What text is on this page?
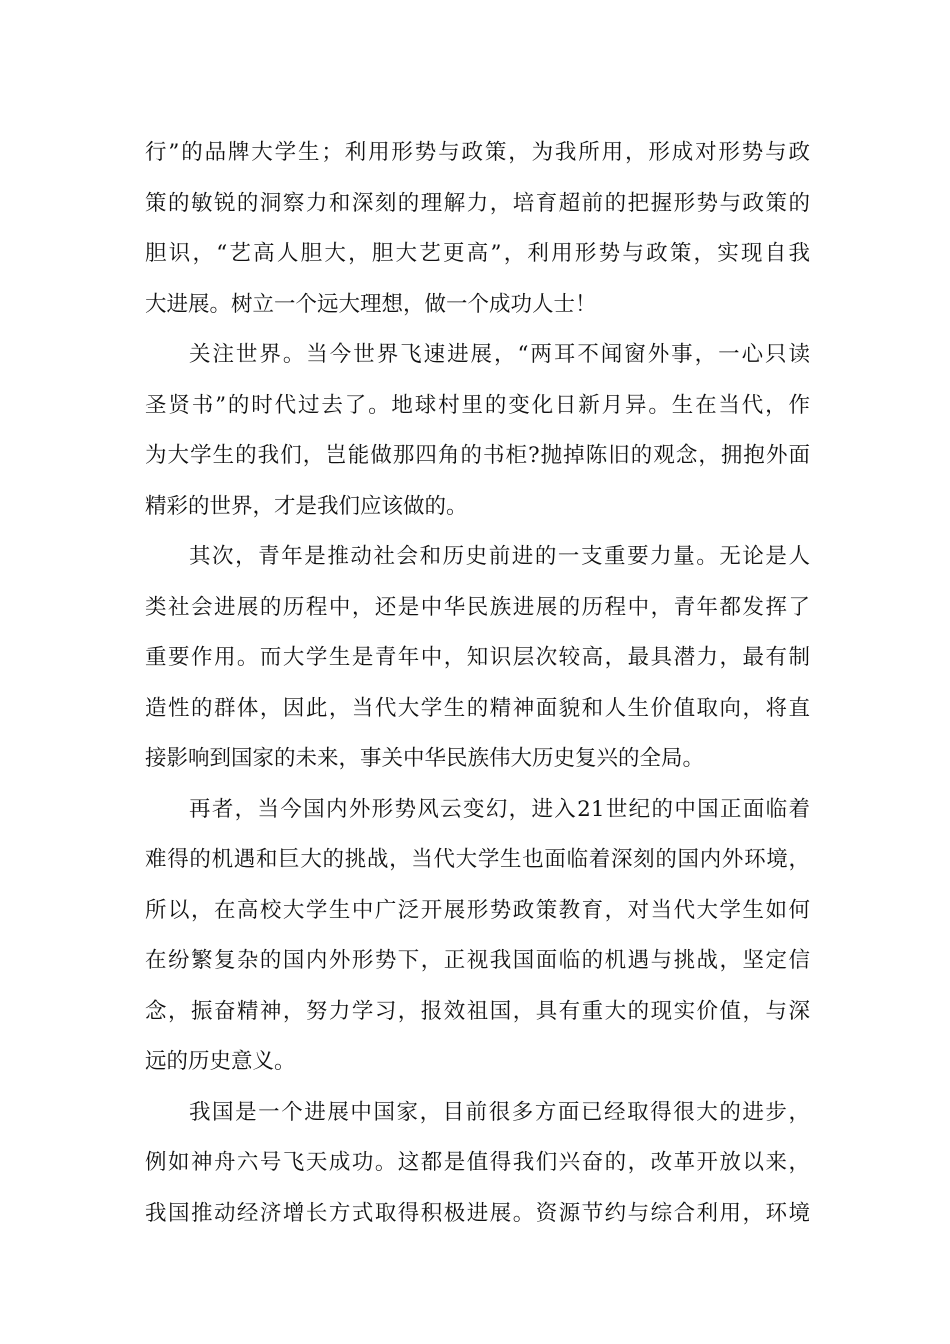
行”的品牌大学生；利用形势与政策，为我所用，形成对形势与政
策的敏锐的洞察力和深刻的理解力，培育超前的把握形势与政策的
胆识，“艺高人胆大，胆大艺更高”，利用形势与政策，实现自我
大进展。树立一个远大理想，做一个成功人士！
关注世界。当今世界飞速进展，“两耳不闻窗外事，一心只读
圣贤书”的时代过去了。地球村里的变化日新月异。生在当代，作
为大学生的我们，岂能做那四角的书柜?抛掉陈旧的观念，拥抱外面
精彩的世界，才是我们应该做的。
其次，青年是推动社会和历史前进的一支重要力量。无论是人
类社会进展的历程中，还是中华民族进展的历程中，青年都发挥了
重要作用。而大学生是青年中，知识层次较高，最具潜力，最有制
造性的群体，因此，当代大学生的精神面貌和人生价值取向，将直
接影响到国家的未来，事关中华民族伟大历史复兴的全局。
再者，当今国内外形势风云变幻，进入21世纪的中国正面临着
难得的机遇和巨大的挑战，当代大学生也面临着深刻的国内外环境，
所以，在高校大学生中广泛开展形势政策教育，对当代大学生如何
在纷繁复杂的国内外形势下，正视我国面临的机遇与挑战，坚定信
念，振奋精神，努力学习，报效祖国，具有重大的现实价值，与深
远的历史意义。
我国是一个进展中国家，目前很多方面已经取得很大的进步，
例如神舟六号飞天成功。这都是值得我们兴奋的，改革开放以来，
我国推动经济增长方式取得积极进展。资源节约与综合利用，环境
